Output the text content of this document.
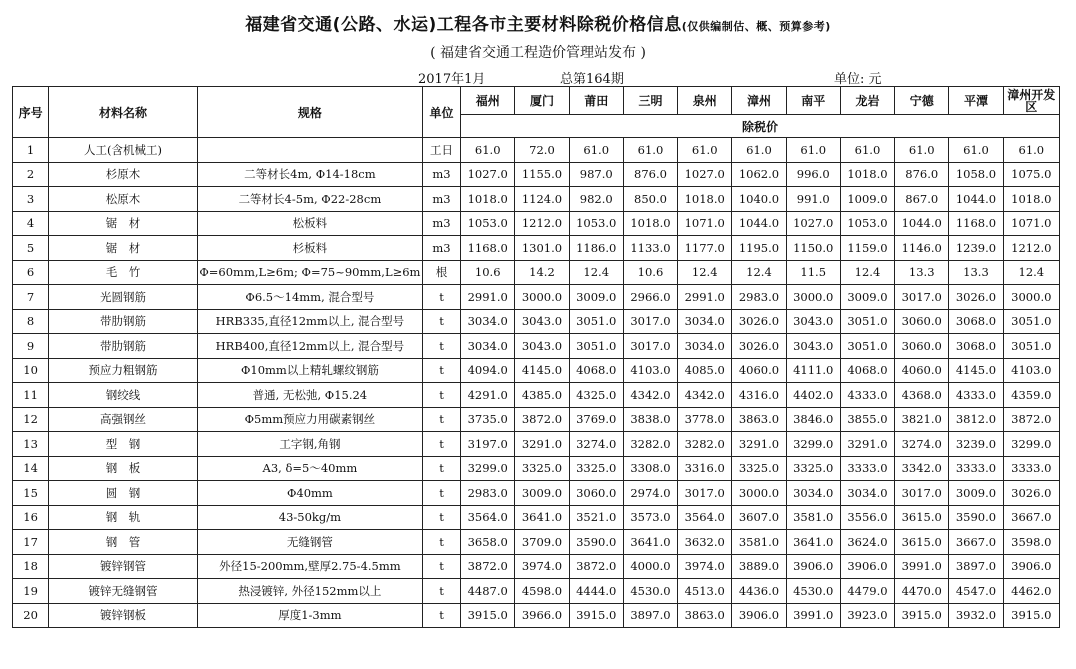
福建省交通(公路、水运)工程各市主要材料除税价格信息(仅供编制估、概、预算参考)
( 福建省交通工程造价管理站发布 )
2017年1月	总第164期	单位: 元
序号	材料名称	规格	单位	福州	厦门	莆田	三明	泉州	漳州	南平	龙岩	宁德	平潭	漳州开发区
				除税价										
1	人工(含机械工)		工日	61.0	72.0	61.0	61.0	61.0	61.0	61.0	61.0	61.0	61.0	61.0
2	杉原木	二等材长4m, Φ14-18cm	m3	1027.0	1155.0	987.0	876.0	1027.0	1062.0	996.0	1018.0	876.0	1058.0	1075.0
3	松原木	二等材长4-5m, Φ22-28cm	m3	1018.0	1124.0	982.0	850.0	1018.0	1040.0	991.0	1009.0	867.0	1044.0	1018.0
4	锯　材	松板料	m3	1053.0	1212.0	1053.0	1018.0	1071.0	1044.0	1027.0	1053.0	1044.0	1168.0	1071.0
5	锯　材	杉板料	m3	1168.0	1301.0	1186.0	1133.0	1177.0	1195.0	1150.0	1159.0	1146.0	1239.0	1212.0
6	毛　竹	Φ=60mm,L≥6m; Φ=75~90mm,L≥6m	根	10.6	14.2	12.4	10.6	12.4	12.4	11.5	12.4	13.3	13.3	12.4
7	光圆钢筋	Φ6.5～14mm, 混合型号	t	2991.0	3000.0	3009.0	2966.0	2991.0	2983.0	3000.0	3009.0	3017.0	3026.0	3000.0
8	带肋钢筋	HRB335,直径12mm以上, 混合型号	t	3034.0	3043.0	3051.0	3017.0	3034.0	3026.0	3043.0	3051.0	3060.0	3068.0	3051.0
9	带肋钢筋	HRB400,直径12mm以上, 混合型号	t	3034.0	3043.0	3051.0	3017.0	3034.0	3026.0	3043.0	3051.0	3060.0	3068.0	3051.0
10	预应力粗钢筋	Φ10mm以上精轧螺纹钢筋	t	4094.0	4145.0	4068.0	4103.0	4085.0	4060.0	4111.0	4068.0	4060.0	4145.0	4103.0
11	钢绞线	普通, 无松弛, Φ15.24	t	4291.0	4385.0	4325.0	4342.0	4342.0	4316.0	4402.0	4333.0	4368.0	4333.0	4359.0
12	高强钢丝	Φ5mm预应力用碳素钢丝	t	3735.0	3872.0	3769.0	3838.0	3778.0	3863.0	3846.0	3855.0	3821.0	3812.0	3872.0
13	型　钢	工字钢,角钢	t	3197.0	3291.0	3274.0	3282.0	3282.0	3291.0	3299.0	3291.0	3274.0	3239.0	3299.0
14	钢　板	A3, δ=5～40mm	t	3299.0	3325.0	3325.0	3308.0	3316.0	3325.0	3325.0	3333.0	3342.0	3333.0	3333.0
15	圆　钢	Φ40mm	t	2983.0	3009.0	3060.0	2974.0	3017.0	3000.0	3034.0	3034.0	3017.0	3009.0	3026.0
16	钢　轨	43-50kg/m	t	3564.0	3641.0	3521.0	3573.0	3564.0	3607.0	3581.0	3556.0	3615.0	3590.0	3667.0
17	钢　管	无缝钢管	t	3658.0	3709.0	3590.0	3641.0	3632.0	3581.0	3641.0	3624.0	3615.0	3667.0	3598.0
18	镀锌钢管	外径15-200mm,壁厚2.75-4.5mm	t	3872.0	3974.0	3872.0	4000.0	3974.0	3889.0	3906.0	3906.0	3991.0	3897.0	3906.0
19	镀锌无缝钢管	热浸镀锌, 外径152mm以上	t	4487.0	4598.0	4444.0	4530.0	4513.0	4436.0	4530.0	4479.0	4470.0	4547.0	4462.0
20	镀锌钢板	厚度1-3mm	t	3915.0	3966.0	3915.0	3897.0	3863.0	3906.0	3991.0	3923.0	3915.0	3932.0	3915.0
